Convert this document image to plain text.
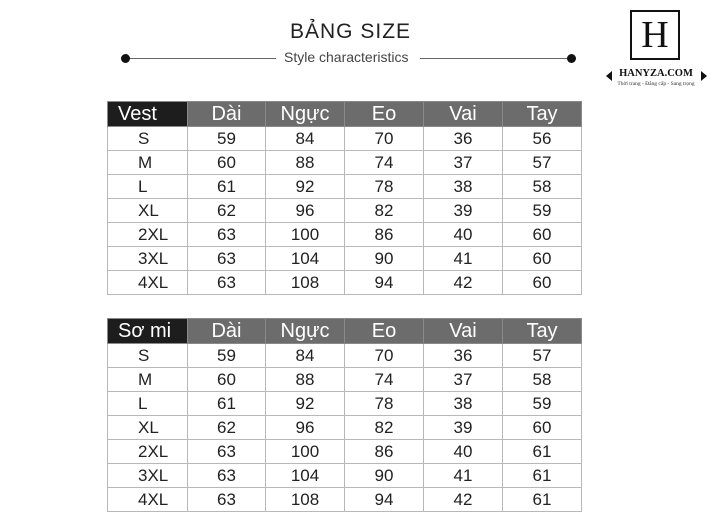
BẢNG SIZE
Style characteristics
H
HANYZA.COM
Thời trang - Đẳng cấp - Sang trọng
Vest	Dài	Ngực	Eo	Vai	Tay
S	59	84	70	36	56
M	60	88	74	37	57
L	61	92	78	38	58
XL	62	96	82	39	59
2XL	63	100	86	40	60
3XL	63	104	90	41	60
4XL	63	108	94	42	60
Sơ mi	Dài	Ngực	Eo	Vai	Tay
S	59	84	70	36	57
M	60	88	74	37	58
L	61	92	78	38	59
XL	62	96	82	39	60
2XL	63	100	86	40	61
3XL	63	104	90	41	61
4XL	63	108	94	42	61
